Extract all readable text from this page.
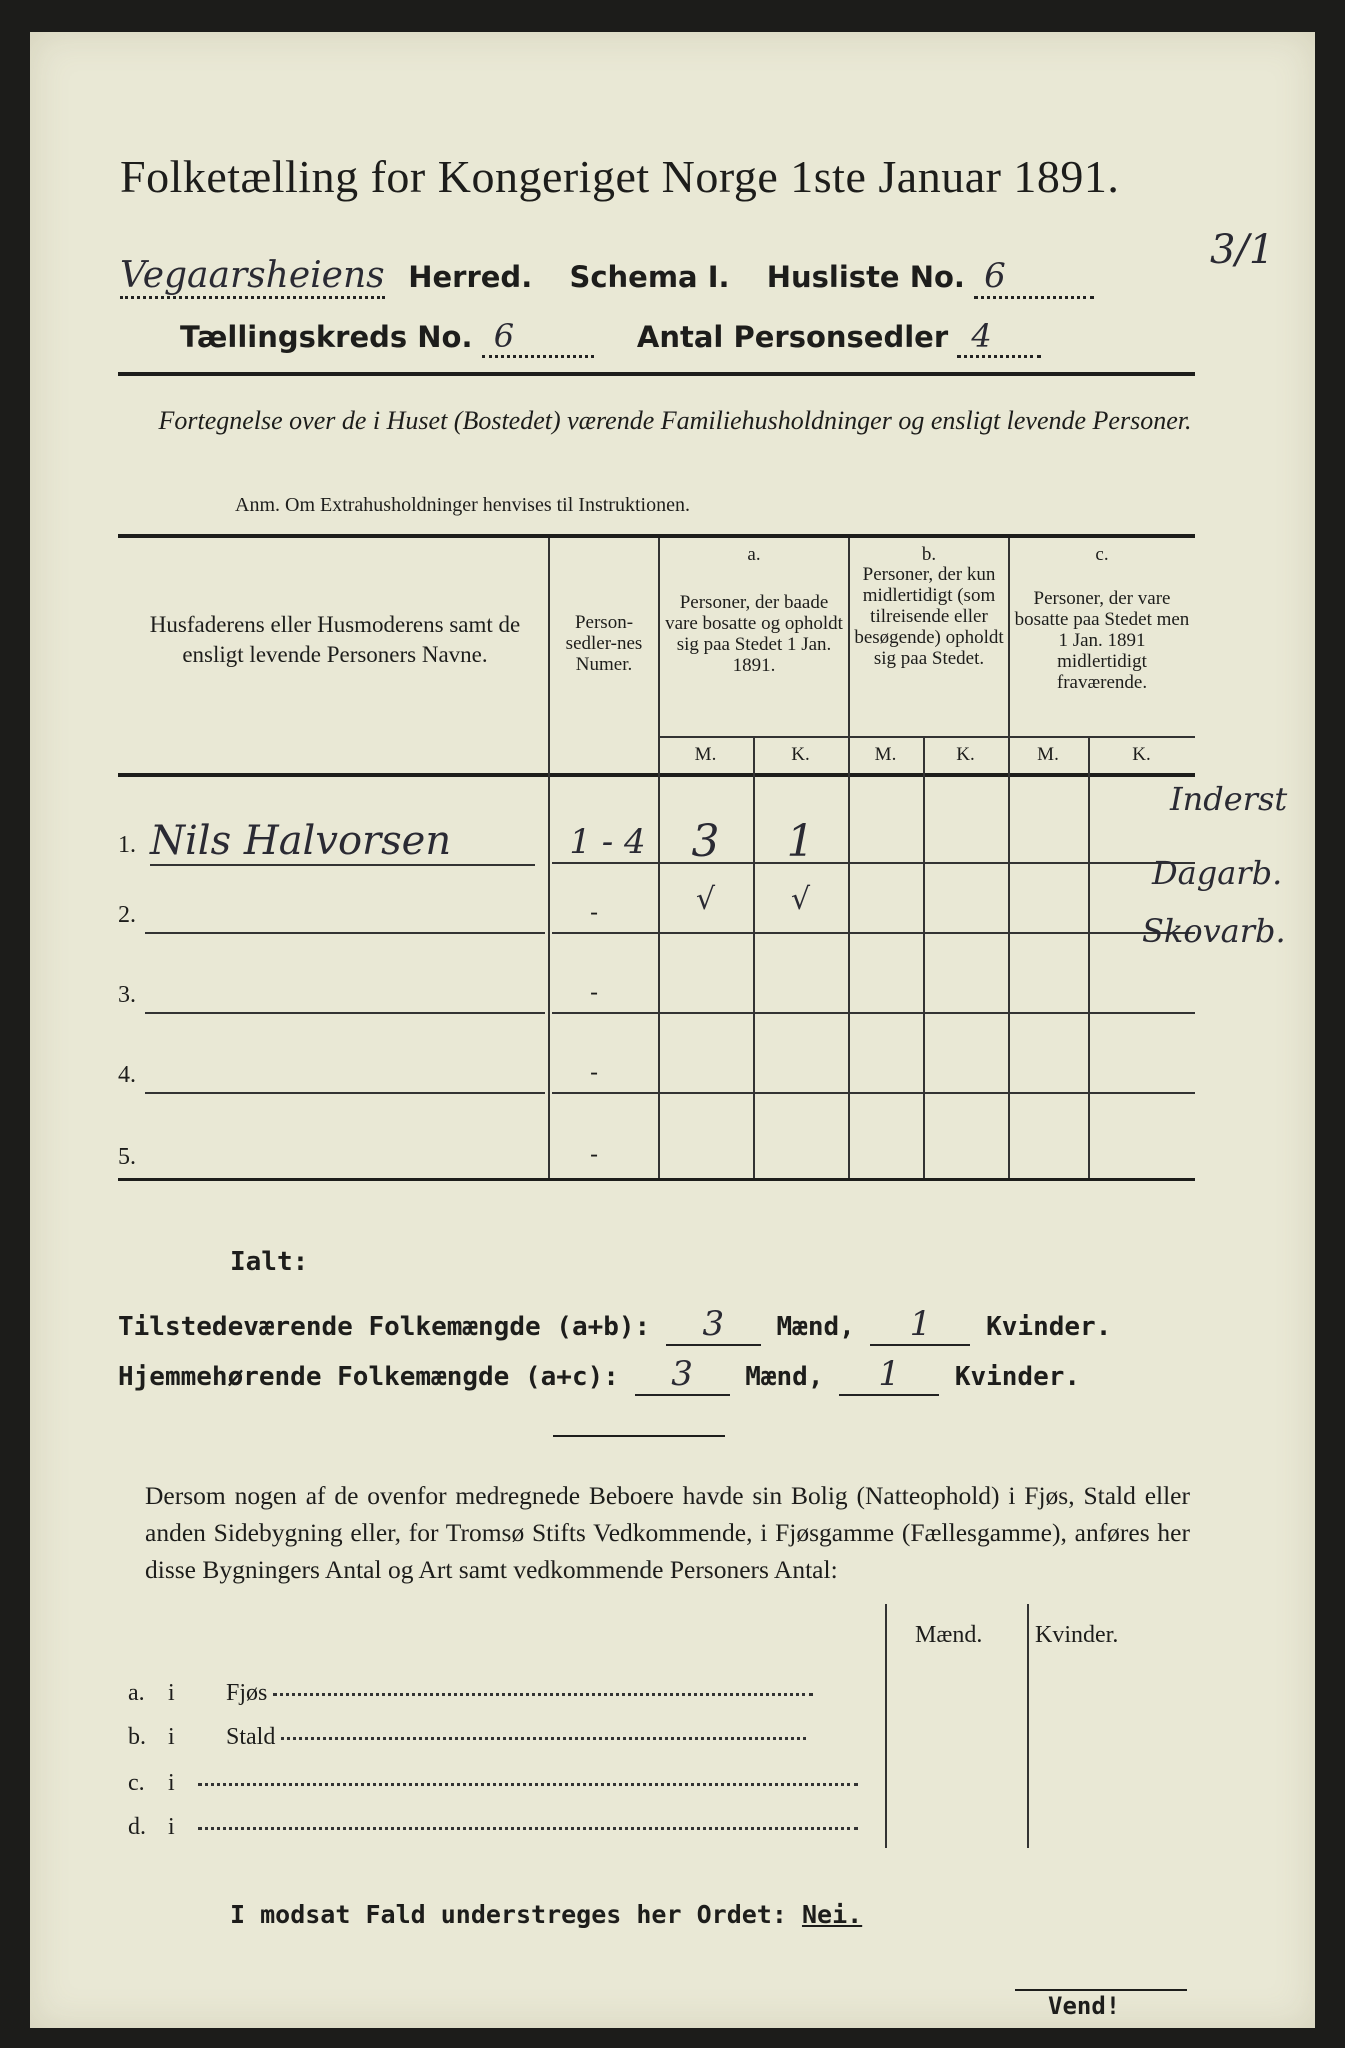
Folketælling for Kongeriget Norge 1ste Januar 1891.
Vegaarsheiens Herred. Schema I. Husliste No. 6
3/1
Tællingskreds No. 6	Antal Personsedler 4
Fortegnelse over de i Huset (Bostedet) værende Familiehusholdninger og ensligt levende Personer.
Anm. Om Extrahusholdninger henvises til Instruktionen.
Husfaderens eller Husmoderens samt de ensligt levende Personers Navne.
Person-sedler-nes Numer.
a.
Personer, der baade vare bosatte og opholdt sig paa Stedet 1 Jan. 1891.
b.
Personer, der kun midlertidigt (som tilreisende eller besøgende) opholdt sig paa Stedet.
c.
Personer, der vare bosatte paa Stedet men 1 Jan. 1891 midlertidigt fraværende.
M.	K.	M.	K.	M.	K.
1. Nils Halvorsen	1 - 4	3	1
2.	-	√	√
3.	-
4.	-
5.	-
Inderst
Dagarb.
Skovarb.
Ialt:
Tilstedeværende Folkemængde (a+b): 3 Mænd, 1 Kvinder.
Hjemmehørende Folkemængde (a+c): 3 Mænd, 1 Kvinder.
Dersom nogen af de ovenfor medregnede Beboere havde sin Bolig (Natteophold) i Fjøs, Stald eller anden Sidebygning eller, for Tromsø Stifts Vedkommende, i Fjøsgamme (Fællesgamme), anføres her disse Bygningers Antal og Art samt vedkommende Personers Antal:
Mænd. Kvinder.
a. i Fjøs
b. i Stald
c. i
d. i
I modsat Fald understreges her Ordet: Nei.
Vend!
